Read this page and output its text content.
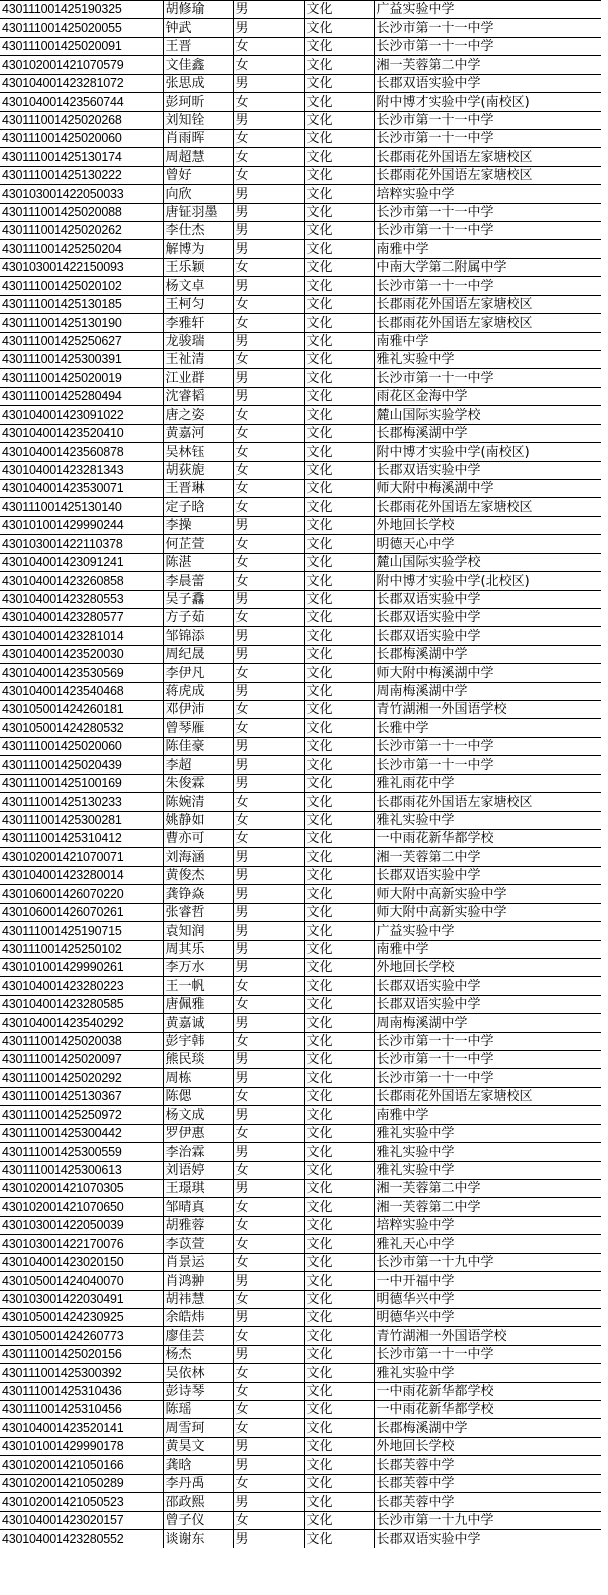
430111001425190325	胡修瑜	男	文化	广益实验中学
430111001425020055	钟武	男	文化	长沙市第一十一中学
430111001425020091	王晋	女	文化	长沙市第一十一中学
430102001421070579	文佳鑫	女	文化	湘一芙蓉第二中学
430104001423281072	张思成	男	文化	长郡双语实验中学
430104001423560744	彭珂昕	女	文化	附中博才实验中学(南校区)
430111001425020268	刘知铨	男	文化	长沙市第一十一中学
430111001425020060	肖雨晖	女	文化	长沙市第一十一中学
430111001425130174	周超慧	女	文化	长郡雨花外国语左家塘校区
430111001425130222	曾好	女	文化	长郡雨花外国语左家塘校区
430103001422050033	向欣	男	文化	培粹实验中学
430111001425020088	唐钲羽墨	男	文化	长沙市第一十一中学
430111001425020262	李仕杰	男	文化	长沙市第一十一中学
430111001425250204	解博为	男	文化	南雅中学
430103001422150093	王乐颖	女	文化	中南大学第二附属中学
430111001425020102	杨文卓	男	文化	长沙市第一十一中学
430111001425130185	王柯匀	女	文化	长郡雨花外国语左家塘校区
430111001425130190	李雅轩	女	文化	长郡雨花外国语左家塘校区
430111001425250627	龙骏瑞	男	文化	南雅中学
430111001425300391	王祉清	女	文化	雅礼实验中学
430111001425020019	江业群	男	文化	长沙市第一十一中学
430111001425280494	沈睿韬	男	文化	雨花区金海中学
430104001423091022	唐之姿	女	文化	麓山国际实验学校
430104001423520410	黄嘉河	女	文化	长郡梅溪湖中学
430104001423560878	吴林钰	女	文化	附中博才实验中学(南校区)
430104001423281343	胡荻旎	女	文化	长郡双语实验中学
430104001423530071	王晋琳	女	文化	师大附中梅溪湖中学
430111001425130140	定子晗	女	文化	长郡雨花外国语左家塘校区
430101001429990244	李操	男	文化	外地回长学校
430103001422110378	何芷萱	女	文化	明德天心中学
430104001423091241	陈湛	女	文化	麓山国际实验学校
430104001423260858	李晨蕾	女	文化	附中博才实验中学(北校区)
430104001423280553	吴子馫	男	文化	长郡双语实验中学
430104001423280577	方子茹	女	文化	长郡双语实验中学
430104001423281014	邹锦添	男	文化	长郡双语实验中学
430104001423520030	周纪晟	男	文化	长郡梅溪湖中学
430104001423530569	李伊凡	女	文化	师大附中梅溪湖中学
430104001423540468	蒋虎成	男	文化	周南梅溪湖中学
430105001424260181	邓伊沛	女	文化	青竹湖湘一外国语学校
430105001424280532	曾琴雁	女	文化	长雅中学
430111001425020060	陈佳豪	男	文化	长沙市第一十一中学
430111001425020439	李超	男	文化	长沙市第一十一中学
430111001425100169	朱俊霖	男	文化	雅礼雨花中学
430111001425130233	陈婉清	女	文化	长郡雨花外国语左家塘校区
430111001425300281	姚静如	女	文化	雅礼实验中学
430111001425310412	曹亦可	女	文化	一中雨花新华都学校
430102001421070071	刘海涵	男	文化	湘一芙蓉第二中学
430104001423280014	黄俊杰	男	文化	长郡双语实验中学
430106001426070220	龚铮焱	男	文化	师大附中高新实验中学
430106001426070261	张睿哲	男	文化	师大附中高新实验中学
430111001425190715	袁知润	男	文化	广益实验中学
430111001425250102	周其乐	男	文化	南雅中学
430101001429990261	李万水	男	文化	外地回长学校
430104001423280223	王一帆	女	文化	长郡双语实验中学
430104001423280585	唐佩雅	女	文化	长郡双语实验中学
430104001423540292	黄嘉诚	男	文化	周南梅溪湖中学
430111001425020038	彭宇韩	女	文化	长沙市第一十一中学
430111001425020097	熊民琰	男	文化	长沙市第一十一中学
430111001425020292	周栋	男	文化	长沙市第一十一中学
430111001425130367	陈偲	女	文化	长郡雨花外国语左家塘校区
430111001425250972	杨文成	男	文化	南雅中学
430111001425300442	罗伊惠	女	文化	雅礼实验中学
430111001425300559	李治霖	男	文化	雅礼实验中学
430111001425300613	刘语婷	女	文化	雅礼实验中学
430102001421070305	王璟琪	男	文化	湘一芙蓉第二中学
430102001421070650	邹晴真	女	文化	湘一芙蓉第二中学
430103001422050039	胡雅蓉	女	文化	培粹实验中学
430103001422170076	李苡萱	女	文化	雅礼天心中学
430104001423020150	肖景运	女	文化	长沙市第一十九中学
430105001424040070	肖鸿翀	男	文化	一中开福中学
430103001422030491	胡祎慧	女	文化	明德华兴中学
430105001424230925	余皓炜	男	文化	明德华兴中学
430105001424260773	廖佳芸	女	文化	青竹湖湘一外国语学校
430111001425020156	杨杰	男	文化	长沙市第一十一中学
430111001425300392	吴依林	女	文化	雅礼实验中学
430111001425310436	彭诗琴	女	文化	一中雨花新华都学校
430111001425310456	陈瑶	女	文化	一中雨花新华都学校
430104001423520141	周雪珂	女	文化	长郡梅溪湖中学
430101001429990178	黄昊文	男	文化	外地回长学校
430102001421050166	龚晗	男	文化	长郡芙蓉中学
430102001421050289	李丹禹	女	文化	长郡芙蓉中学
430102001421050523	邵政熙	男	文化	长郡芙蓉中学
430104001423020157	曾子仪	女	文化	长沙市第一十九中学
430104001423280552	谈谢东	男	文化	长郡双语实验中学
